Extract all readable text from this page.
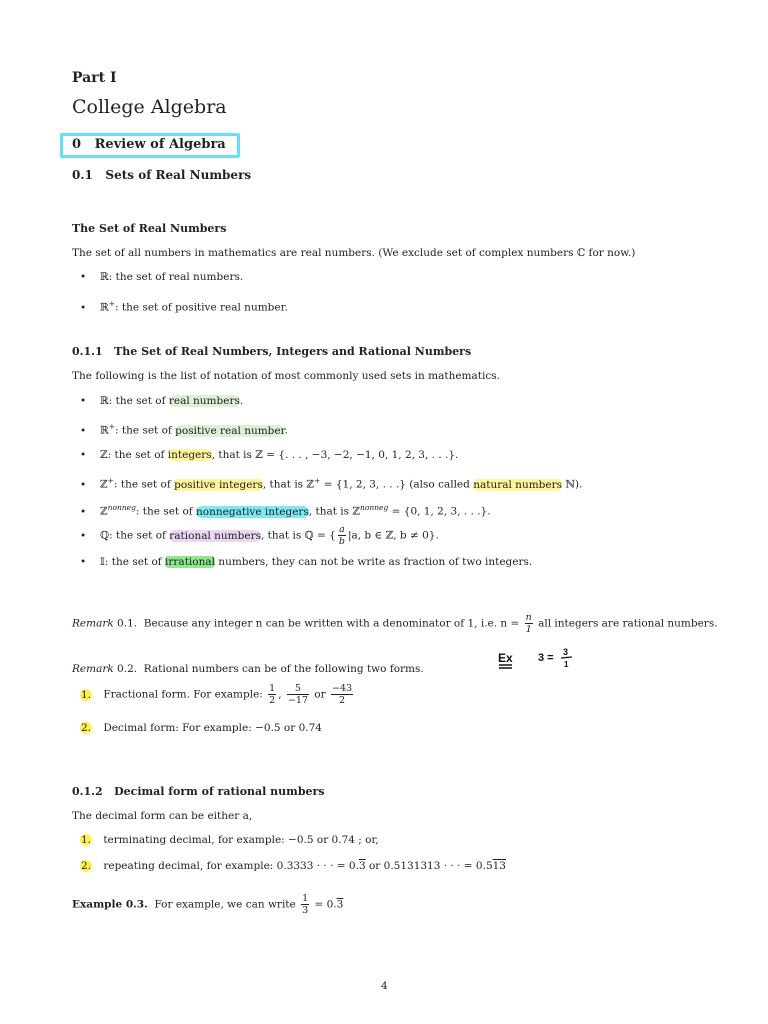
Part I
College Algebra
0   Review of Algebra
0.1   Sets of Real Numbers
The Set of Real Numbers
The set of all numbers in mathematics are real numbers. (We exclude set of complex numbers ℂ for now.)
• ℝ: the set of real numbers.
• ℝ+: the set of positive real number.
0.1.1   The Set of Real Numbers, Integers and Rational Numbers
The following is the list of notation of most commonly used sets in mathematics.
• ℝ: the set of real numbers.
• ℝ+: the set of positive real number.
• ℤ: the set of integers, that is ℤ = {. . . , −3, −2, −1, 0, 1, 2, 3, . . .}.
• ℤ+: the set of positive integers, that is ℤ+ = {1, 2, 3, . . .} (also called natural numbers ℕ).
• ℤ$^{nonneg}$: the set of nonnegative integers, that is ℤ$^{nonneg}$ = {0, 1, 2, 3, . . .}.
• ℚ: the set of rational numbers, that is ℚ = { $\frac{a}{b} |a$, b ∈ ℤ, b ≠ 0}.
• 𝕀: the set of irrational numbers, they can not be write as fraction of two integers.
Remark 0.1.  Because any integer n can be written with a denominator of 1, i.e. $n = \frac{n}{1}$ all integers are rational numbers.
Ex 3 = 3
1
Remark 0.2.  Rational numbers can be of the following two forms.
1. Fractional form. For example: $\frac{1}{2}$ , $\frac{5}{-17}$ or $\frac{-43}{2}$
2. Decimal form: For example: −0.5 or 0.74
0.1.2   Decimal form of rational numbers
The decimal form can be either a,
1. terminating decimal, for example: −0.5 or 0.74 ; or,
2. repeating decimal, for example: 0.3333 · · · = 0.3 or 0.5131313 · · · = 0.513
Example 0.3.  For example, we can write $\frac{1}{3} = 0.3$
4
